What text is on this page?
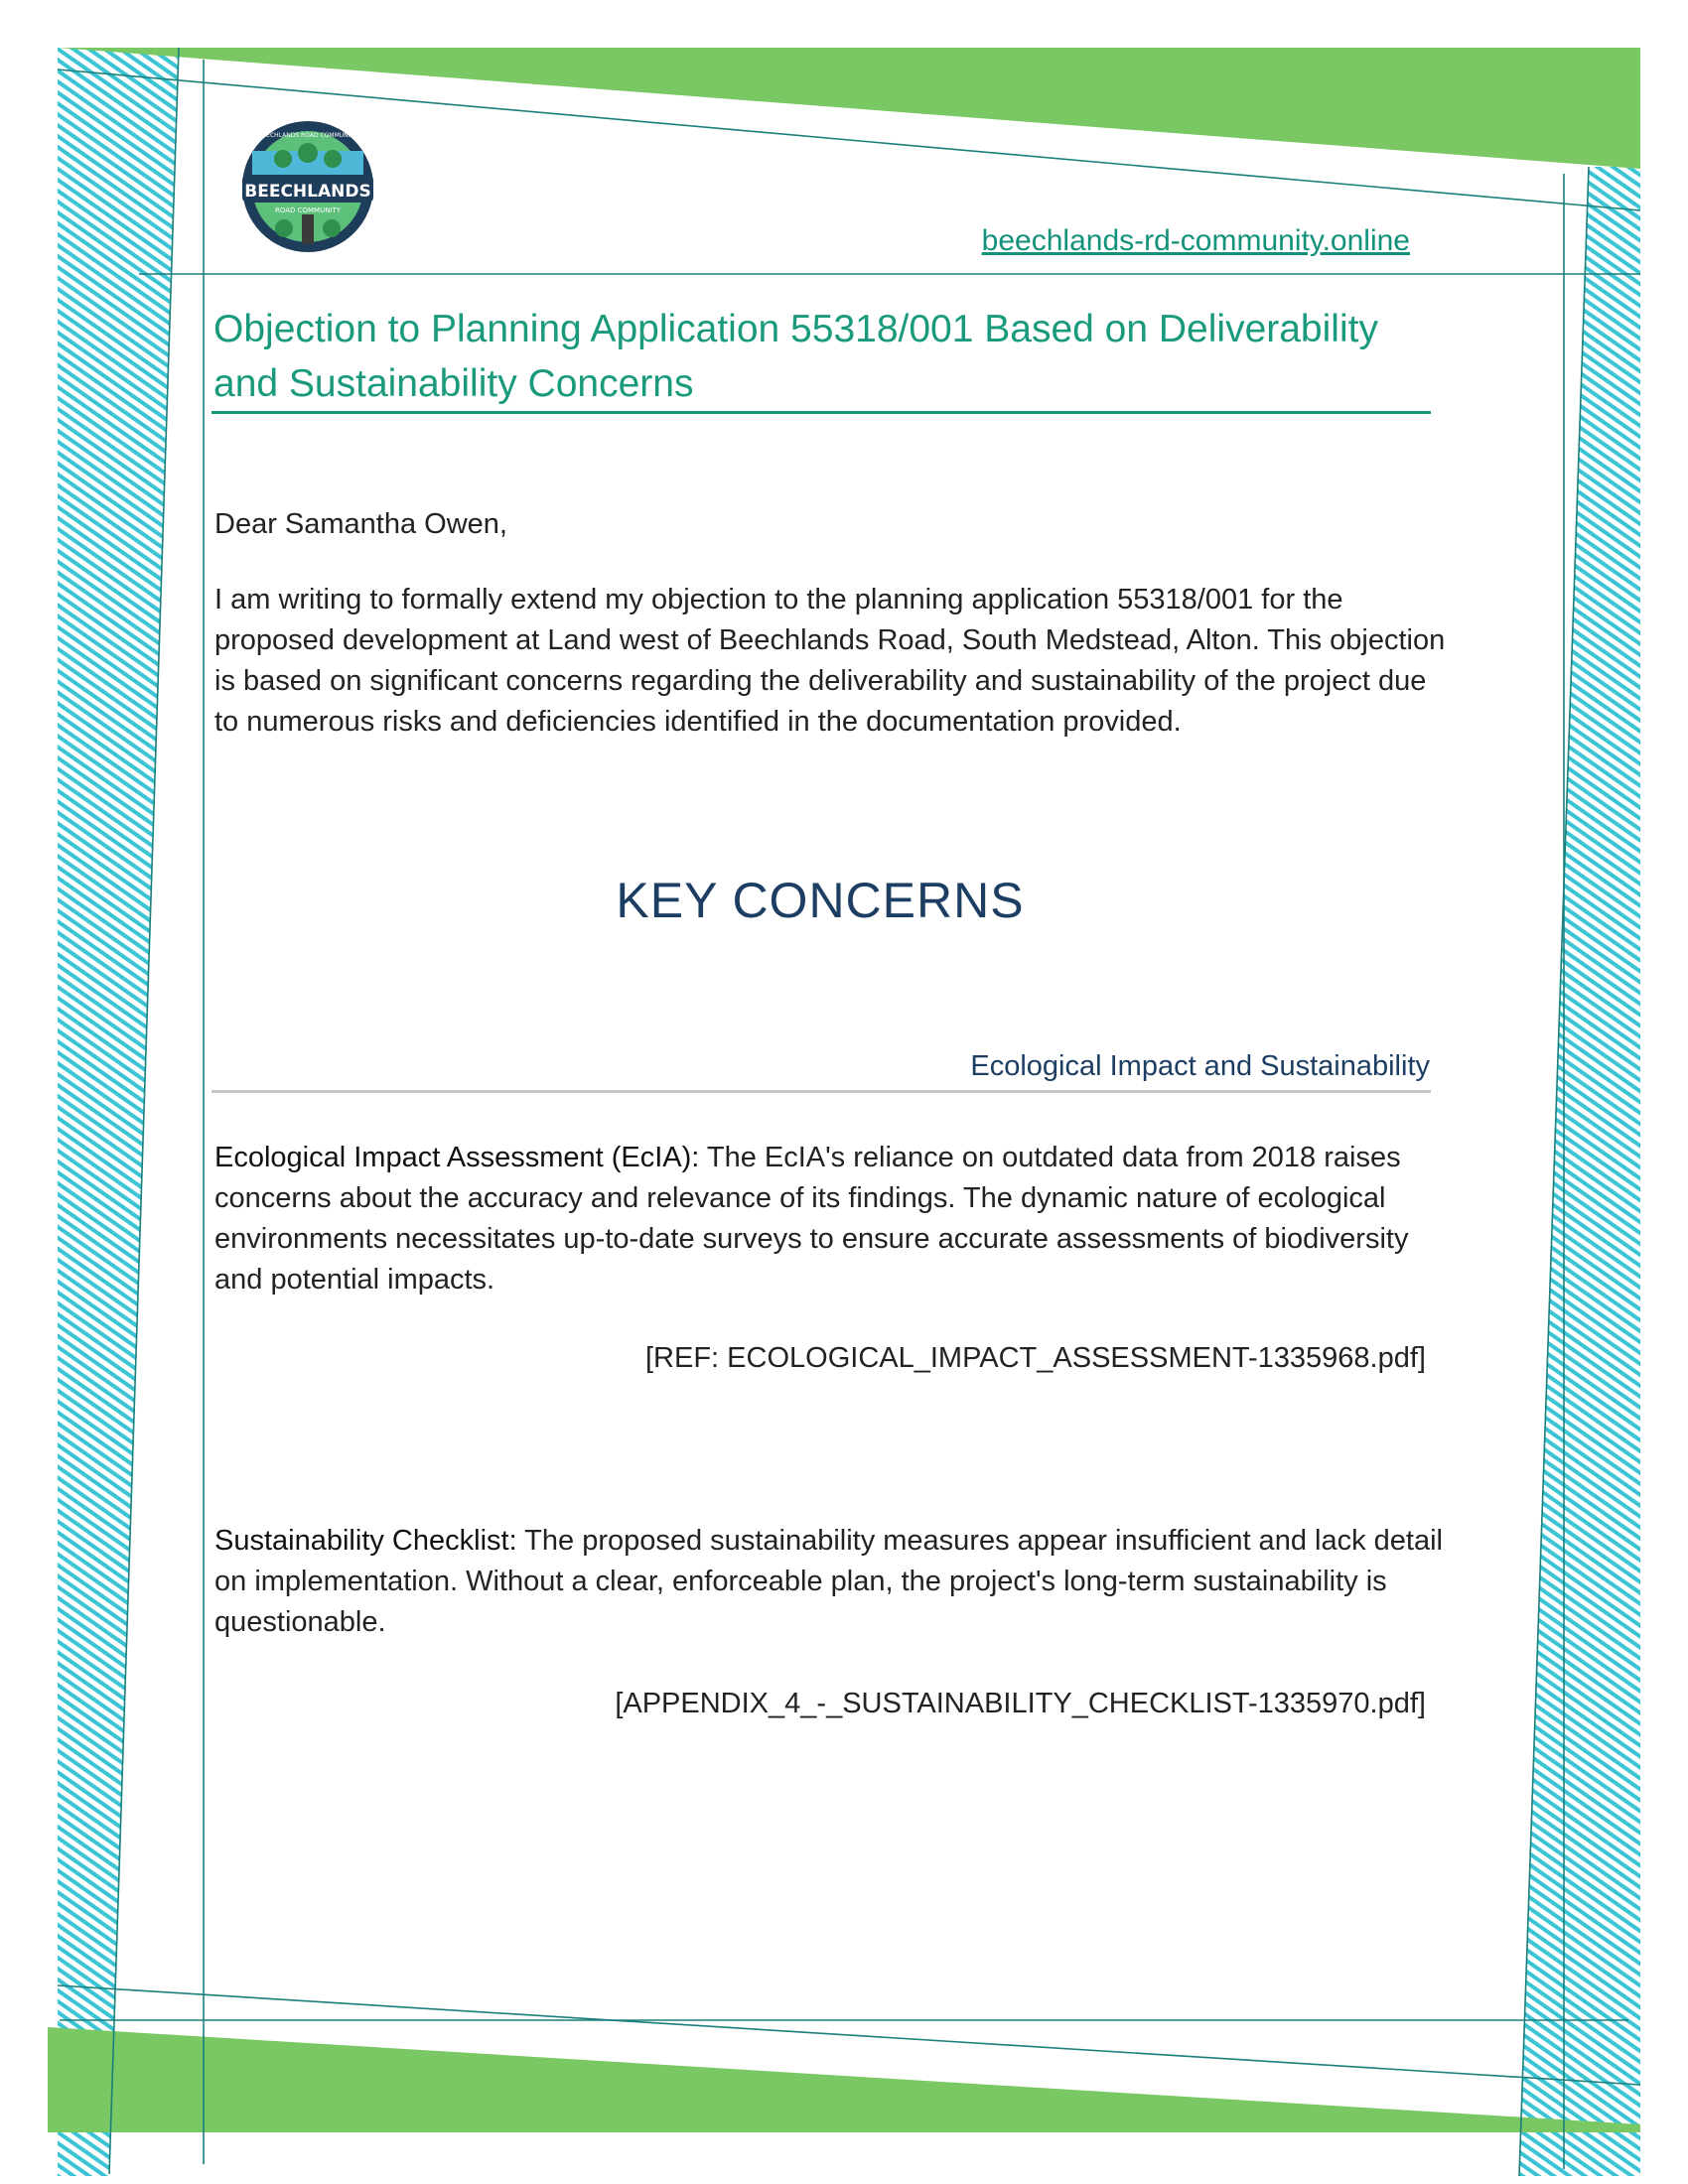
BEECHLANDS
ROAD COMMUNITY
BEECHLANDS ROAD COMMUNITY
beechlands-rd-community.online
Objection to Planning Application 55318/001 Based on Deliverability and Sustainability Concerns
Dear Samantha Owen,

I am writing to formally extend my objection to the planning application 55318/001 for the proposed development at Land west of Beechlands Road, South Medstead, Alton. This objection is based on significant concerns regarding the deliverability and sustainability of the project due to numerous risks and deficiencies identified in the documentation provided.

KEY CONCERNS
Ecological Impact and Sustainability

Ecological Impact Assessment (EcIA): The EcIA's reliance on outdated data from 2018 raises concerns about the accuracy and relevance of its findings. The dynamic nature of ecological environments necessitates up-to-date surveys to ensure accurate assessments of biodiversity and potential impacts.

[REF: ECOLOGICAL_IMPACT_ASSESSMENT-1335968.pdf]

Sustainability Checklist: The proposed sustainability measures appear insufficient and lack detail on implementation. Without a clear, enforceable plan, the project's long-term sustainability is questionable.

[APPENDIX_4_-_SUSTAINABILITY_CHECKLIST-1335970.pdf]
